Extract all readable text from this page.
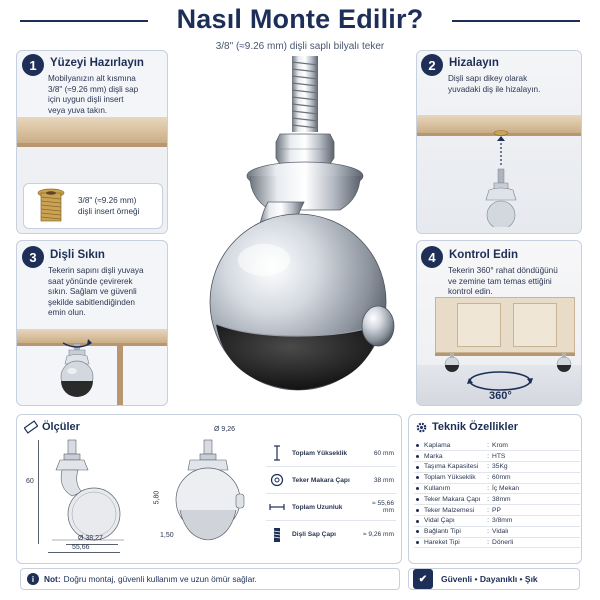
Nasıl Monte Edilir?
3/8" (≈9.26 mm) dişli saplı bilyalı teker
3/8" (≈9.26 mm)
dişli insert örneği
1	Yüzeyi Hazırlayın
Mobilyanızın alt kısmına
3/8" (≈9.26 mm) dişli sap
için uygun dişli insert
veya yuva takın.
3	Dişli Sıkın
Tekerin sapını dişli yuvaya
saat yönünde çevirerek
sıkın. Sağlam ve güvenli
şekilde sabitlendiğinden
emin olun.
2	Hizalayın
Dişli sapı dikey olarak
yuvadaki diş ile hizalayın.
4	Kontrol Edin
Tekerin 360° rahat döndüğünü
ve zemine tam temas ettiğini
kontrol edin.
360°
Ölçüler
60
Ø 38,27
55,66
Ø 9,26
5,80
1,50
Toplam Yükseklik	60 mm
Teker Makara Çapı	38 mm
Toplam Uzunluk	≈ 55,66 mm
Dişli Sap Çapı	≈ 9,26 mm
Teknik Özellikler
Kaplama	:	Krom
Marka	:	HTS
Taşıma Kapasitesi	:	35Kg
Toplam Yükseklik	:	60mm
Kullanım	:	İç Mekan
Teker Makara Çapı	:	38mm
Teker Malzemesi	:	PP
Vidal Çapı	:	3/8mm
Bağlantı Tipi	:	Vidalı
Hareket Tipi	:	Dönerli
i	Not: Doğru montaj, güvenli kullanım ve uzun ömür sağlar.	✔	Güvenli • Dayanıklı • Şık
